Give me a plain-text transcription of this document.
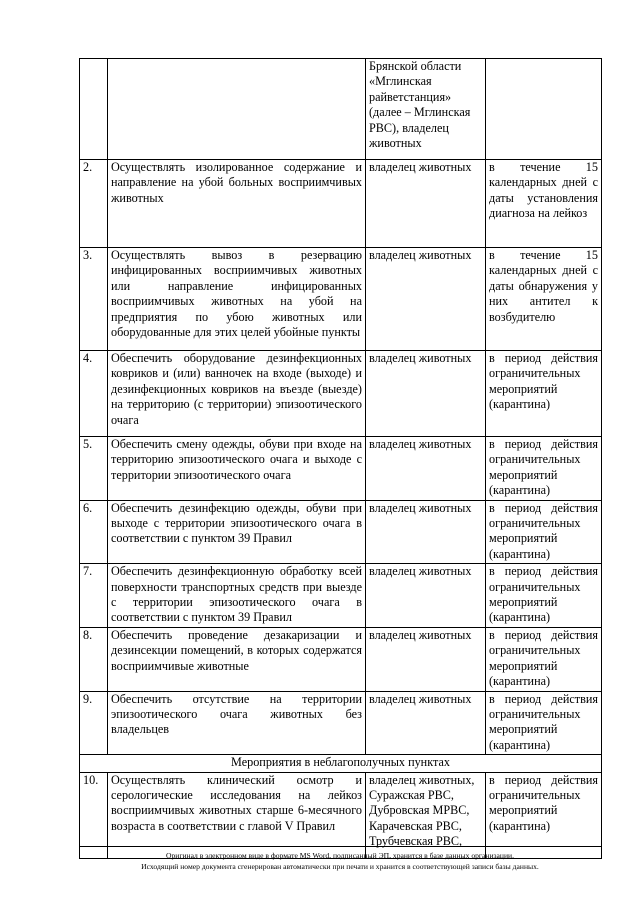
		Брянской области «Мглинская райветстанция» (далее – Мглинская РВС), владелец животных	
2.	Осуществлять изолированное содержание и направление на убой больных восприимчивых животных	владелец животных	в течение 15 календарных дней с даты установления диагноза на лейкоз
3.	Осуществлять вывоз в резервацию инфицированных восприимчивых животных или направление инфицированных восприимчивых животных на убой на предприятия по убою животных или оборудованные для этих целей убойные пункты	владелец животных	в течение 15 календарных дней с даты обнаружения у них антител к возбудителю
4.	Обеспечить оборудование дезинфекционных ковриков и (или) ванночек на входе (выходе) и дезинфекционных ковриков на въезде (выезде) на территорию (с территории) эпизоотического очага	владелец животных	в период действия ограничительных мероприятий (карантина)
5.	Обеспечить смену одежды, обуви при входе на территорию эпизоотического очага и выходе с территории эпизоотического очага	владелец животных	в период действия ограничительных мероприятий (карантина)
6.	Обеспечить дезинфекцию одежды, обуви при выходе с территории эпизоотического очага в соответствии с пунктом 39 Правил	владелец животных	в период действия ограничительных мероприятий (карантина)
7.	Обеспечить дезинфекционную обработку всей поверхности транспортных средств при выезде с территории эпизоотического очага в соответствии с пунктом 39 Правил	владелец животных	в период действия ограничительных мероприятий (карантина)
8.	Обеспечить проведение дезакаризации и дезинсекции помещений, в которых содержатся восприимчивые животные	владелец животных	в период действия ограничительных мероприятий (карантина)
9.	Обеспечить отсутствие на территории эпизоотического очага животных без владельцев	владелец животных	в период действия ограничительных мероприятий (карантина)
Мероприятия в неблагополучных пунктах			
10.	Осуществлять клинический осмотр и серологические исследования на лейкоз восприимчивых животных старше 6-месячного возраста в соответствии с главой V Правил	владелец животных, Суражская РВС, Дубровская МРВС, Карачевская РВС, Трубчевская РВС,	в период действия ограничительных мероприятий (карантина)
Оригинал в электронном виде в формате MS Word, подписанный ЭП, хранится в базе данных организации.
Исходящий номер документа сгенерирован автоматически при печати и хранится в соответствующей записи базы данных.
